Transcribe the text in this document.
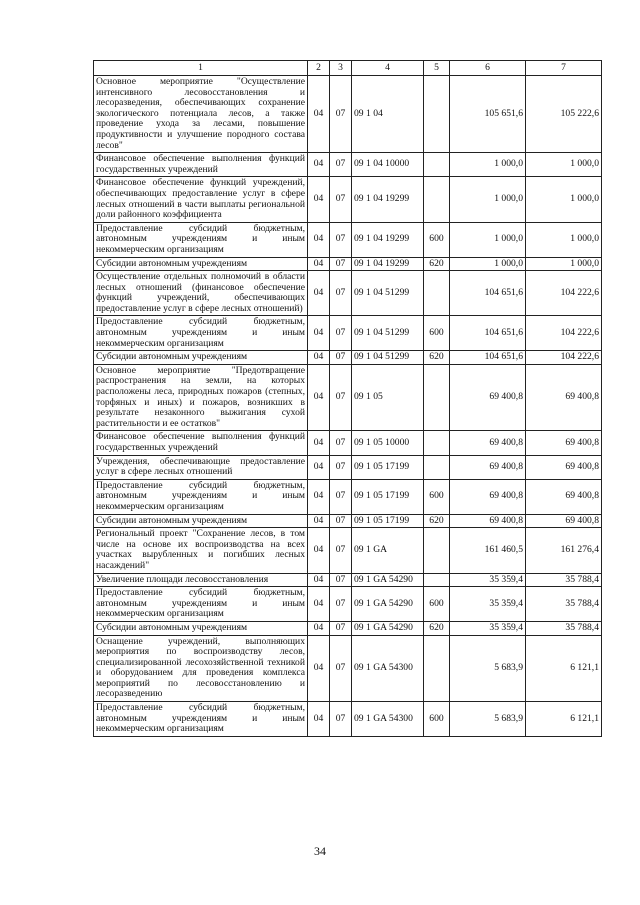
1	2	3	4	5	6	7
Основное мероприятие "Осуществление интенсивного лесовосстановления и лесоразведения, обеспечивающих сохранение экологического потенциала лесов, а также проведение ухода за лесами, повышение продуктивности и улучшение породного состава лесов"	04	07	09 1 04		105 651,6	105 222,6
Финансовое обеспечение выполнения функций государственных учреждений	04	07	09 1 04 10000		1 000,0	1 000,0
Финансовое обеспечение функций учреждений, обеспечивающих предоставление услуг в сфере лесных отношений в части выплаты региональной доли районного коэффициента	04	07	09 1 04 19299		1 000,0	1 000,0
Предоставление субсидий бюджетным, автономным учреждениям и иным некоммерческим организациям	04	07	09 1 04 19299	600	1 000,0	1 000,0
Субсидии автономным учреждениям	04	07	09 1 04 19299	620	1 000,0	1 000,0
Осуществление отдельных полномочий в области лесных отношений (финансовое обеспечение функций учреждений, обеспечивающих предоставление услуг в сфере лесных отношений)	04	07	09 1 04 51299		104 651,6	104 222,6
Предоставление субсидий бюджетным, автономным учреждениям и иным некоммерческим организациям	04	07	09 1 04 51299	600	104 651,6	104 222,6
Субсидии автономным учреждениям	04	07	09 1 04 51299	620	104 651,6	104 222,6
Основное мероприятие "Предотвращение распространения на земли, на которых расположены леса, природных пожаров (степных, торфяных и иных) и пожаров, возникших в результате незаконного выжигания сухой растительности и ее остатков"	04	07	09 1 05		69 400,8	69 400,8
Финансовое обеспечение выполнения функций государственных учреждений	04	07	09 1 05 10000		69 400,8	69 400,8
Учреждения, обеспечивающие предоставление услуг в сфере лесных отношений	04	07	09 1 05 17199		69 400,8	69 400,8
Предоставление субсидий бюджетным, автономным учреждениям и иным некоммерческим организациям	04	07	09 1 05 17199	600	69 400,8	69 400,8
Субсидии автономным учреждениям	04	07	09 1 05 17199	620	69 400,8	69 400,8
Региональный проект "Сохранение лесов, в том числе на основе их воспроизводства на всех участках вырубленных и погибших лесных насаждений"	04	07	09 1 GA		161 460,5	161 276,4
Увеличение площади лесовосстановления	04	07	09 1 GA 54290		35 359,4	35 788,4
Предоставление субсидий бюджетным, автономным учреждениям и иным некоммерческим организациям	04	07	09 1 GA 54290	600	35 359,4	35 788,4
Субсидии автономным учреждениям	04	07	09 1 GA 54290	620	35 359,4	35 788,4
Оснащение учреждений, выполняющих мероприятия по воспроизводству лесов, специализированной лесохозяйственной техникой и оборудованием для проведения комплекса мероприятий по лесовосстановлению и лесоразведению	04	07	09 1 GA 54300		5 683,9	6 121,1
Предоставление субсидий бюджетным, автономным учреждениям и иным некоммерческим организациям	04	07	09 1 GA 54300	600	5 683,9	6 121,1
34
